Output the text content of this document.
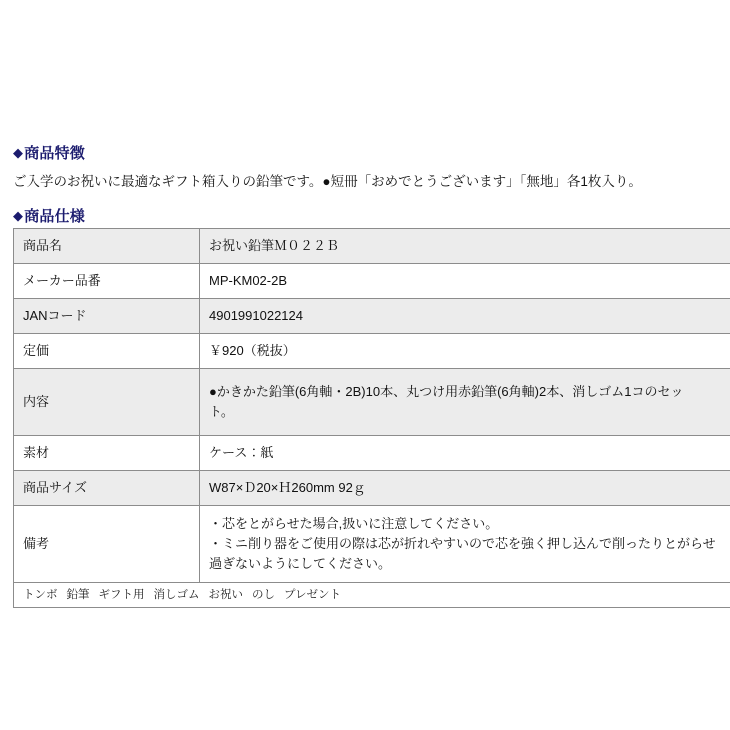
◆商品特徴
ご入学のお祝いに最適なギフト箱入りの鉛筆です。●短冊「おめでとうございます」「無地」各1枚入り。
◆商品仕様
商品名	お祝い鉛筆Ｍ０２２Ｂ

メーカー品番	MP-KM02-2B

JANコード	4901991022124

定価	￥920（税抜）

内容	●かきかた鉛筆(6角軸・2B)10本、丸つけ用赤鉛筆(6角軸)2本、消しゴム1コのセッ
ト。

素材	ケース：紙

商品サイズ	W87×Ｄ20×Ｈ260mm 92ｇ

備考	・芯をとがらせた場合,扱いに注意してください。
・ミニ削り器をご使用の際は芯が折れやすいので芯を強く押し込んで削ったりとがらせ
過ぎないようにしてください。

トンボ 鉛筆 ギフト用 消しゴム お祝い のし プレゼント	
